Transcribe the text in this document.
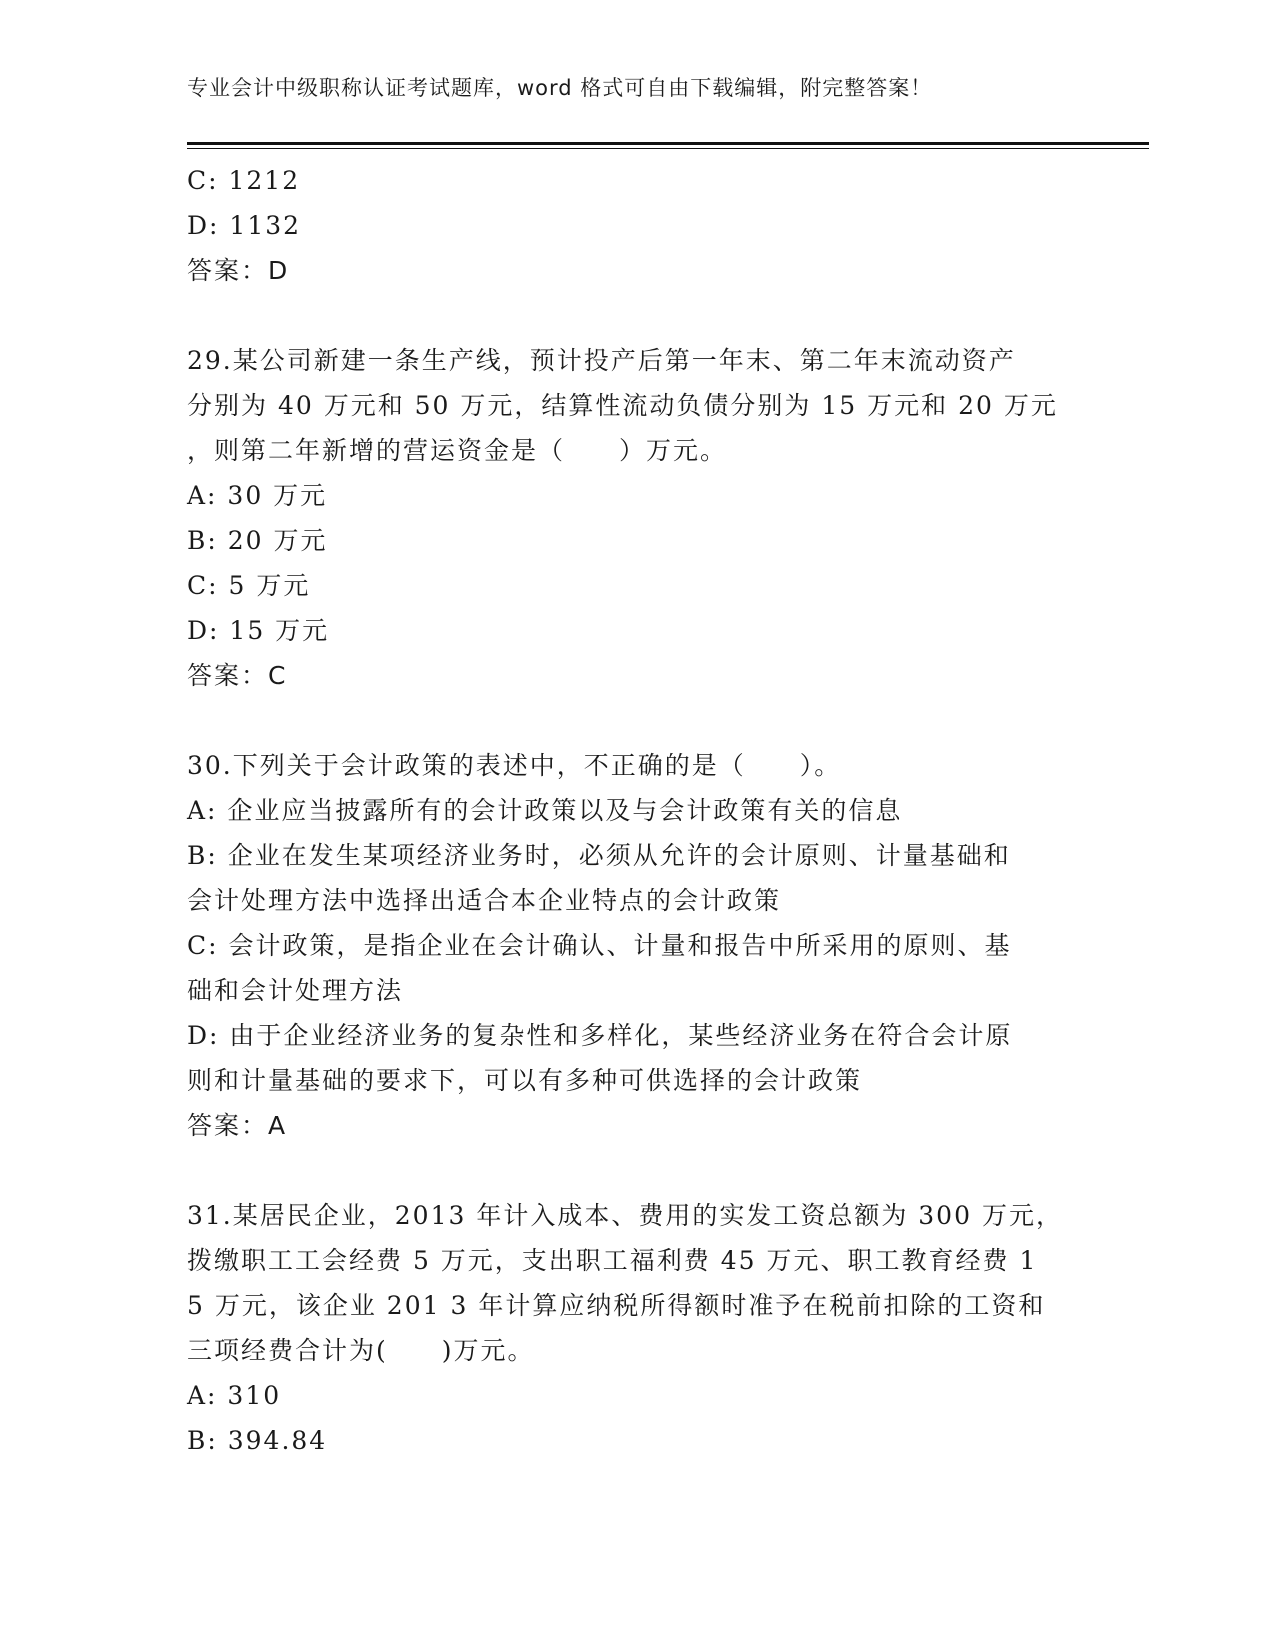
专业会计中级职称认证考试题库，word 格式可自由下载编辑，附完整答案！
C: 1212
D: 1132
答案：D
29.某公司新建一条生产线，预计投产后第一年末、第二年末流动资产
分别为 40 万元和 50 万元，结算性流动负债分别为 15 万元和 20 万元
，则第二年新增的营运资金是（　　）万元。
A: 30 万元
B: 20 万元
C: 5 万元
D: 15 万元
答案：C
30.下列关于会计政策的表述中，不正确的是（　　）。
A: 企业应当披露所有的会计政策以及与会计政策有关的信息
B: 企业在发生某项经济业务时，必须从允许的会计原则、计量基础和
会计处理方法中选择出适合本企业特点的会计政策
C: 会计政策，是指企业在会计确认、计量和报告中所采用的原则、基
础和会计处理方法
D: 由于企业经济业务的复杂性和多样化，某些经济业务在符合会计原
则和计量基础的要求下，可以有多种可供选择的会计政策
答案：A
31.某居民企业，2013 年计入成本、费用的实发工资总额为 300 万元，
拨缴职工工会经费 5 万元，支出职工福利费 45 万元、职工教育经费 1
5 万元，该企业 201 3 年计算应纳税所得额时准予在税前扣除的工资和
三项经费合计为(　　)万元。
A: 310
B: 394.84
